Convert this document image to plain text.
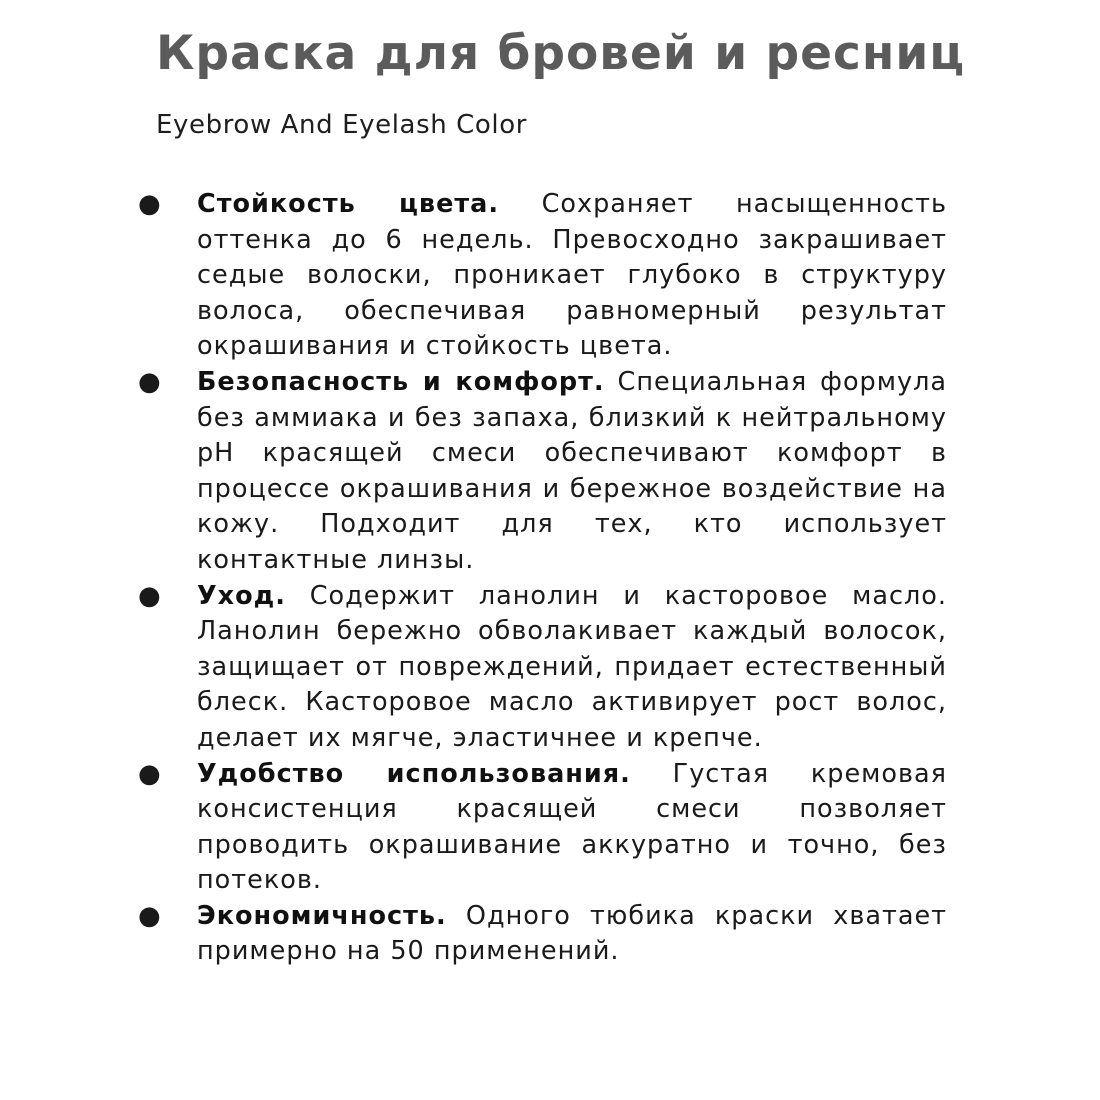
Краска для бровей и ресниц
Eyebrow And Eyelash Color
● Стойкость цвета. Сохраняет насыщенность оттенка до 6 недель. Превосходно закрашивает седые волоски, проникает глубоко в структуру волоса, обеспечивая равномерный результат окрашивания и стойкость цвета.
● Безопасность и комфорт. Специальная формула без аммиака и без запаха, близкий к нейтральному pH красящей смеси обеспечивают комфорт в процессе окрашивания и бережное воздействие на кожу. Подходит для тех, кто использует контактные линзы.
● Уход. Содержит ланолин и касторовое масло. Ланолин бережно обволакивает каждый волосок, защищает от повреждений, придает естественный блеск. Касторовое масло активирует рост волос, делает их мягче, эластичнее и крепче.
● Удобство использования. Густая кремовая консистенция красящей смеси позволяет проводить окрашивание аккуратно и точно, без потеков.
● Экономичность. Одного тюбика краски хватает примерно на 50 применений.
